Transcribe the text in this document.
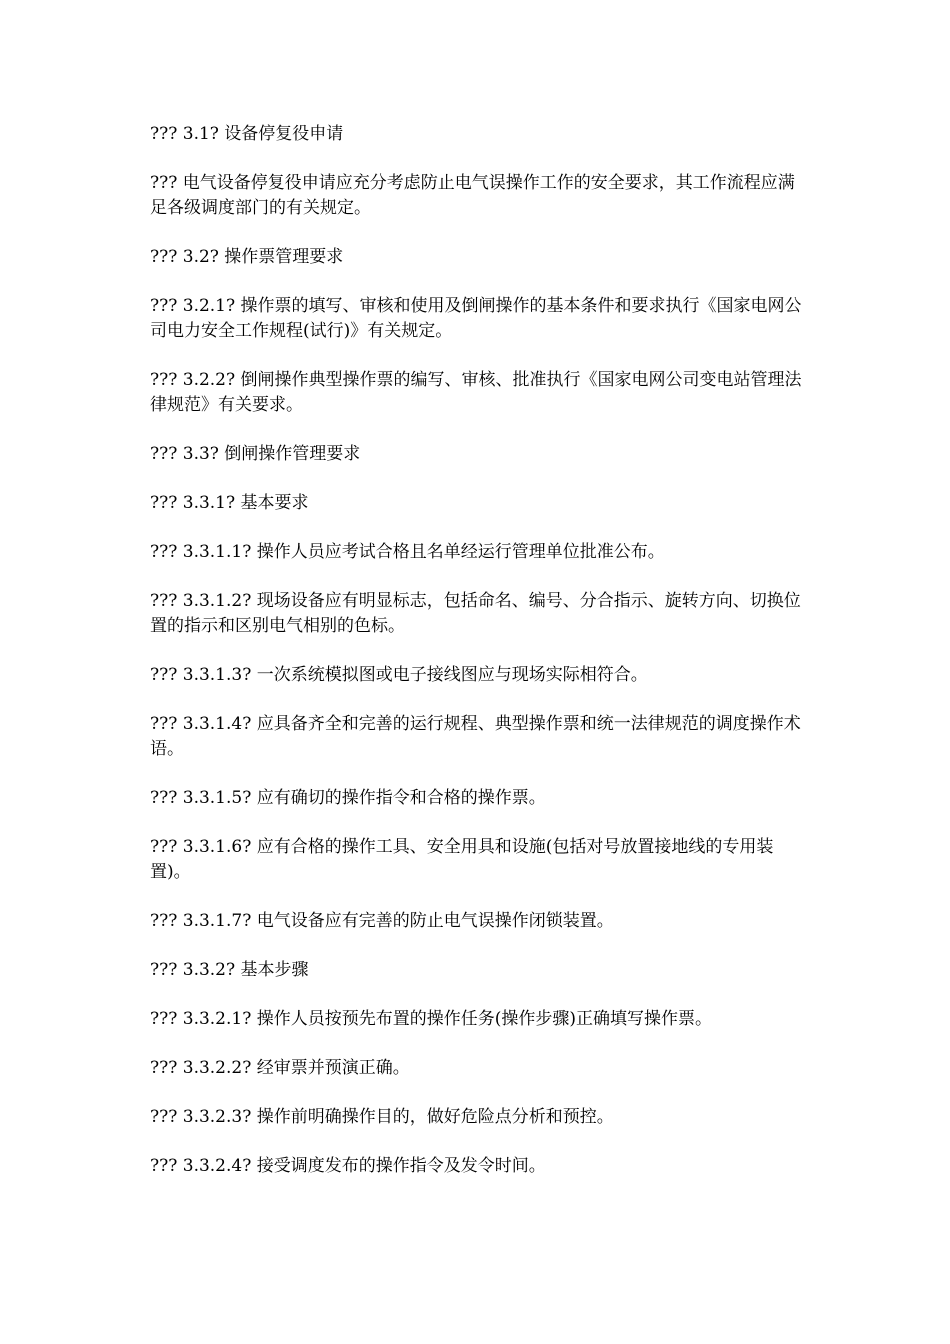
??? 3.1? 设备停复役申请

??? 电气设备停复役申请应充分考虑防止电气误操作工作的安全要求，其工作流程应满足各级调度部门的有关规定。

??? 3.2? 操作票管理要求

??? 3.2.1? 操作票的填写、审核和使用及倒闸操作的基本条件和要求执行《国家电网公司电力安全工作规程(试行)》有关规定。

??? 3.2.2? 倒闸操作典型操作票的编写、审核、批准执行《国家电网公司变电站管理法律规范》有关要求。

??? 3.3? 倒闸操作管理要求

??? 3.3.1? 基本要求

??? 3.3.1.1? 操作人员应考试合格且名单经运行管理单位批准公布。

??? 3.3.1.2? 现场设备应有明显标志，包括命名、编号、分合指示、旋转方向、切换位置的指示和区别电气相别的色标。

??? 3.3.1.3? 一次系统模拟图或电子接线图应与现场实际相符合。

??? 3.3.1.4? 应具备齐全和完善的运行规程、典型操作票和统一法律规范的调度操作术语。

??? 3.3.1.5? 应有确切的操作指令和合格的操作票。

??? 3.3.1.6? 应有合格的操作工具、安全用具和设施(包括对号放置接地线的专用装置)。

??? 3.3.1.7? 电气设备应有完善的防止电气误操作闭锁装置。

??? 3.3.2? 基本步骤

??? 3.3.2.1? 操作人员按预先布置的操作任务(操作步骤)正确填写操作票。

??? 3.3.2.2? 经审票并预演正确。

??? 3.3.2.3? 操作前明确操作目的，做好危险点分析和预控。

??? 3.3.2.4? 接受调度发布的操作指令及发令时间。
